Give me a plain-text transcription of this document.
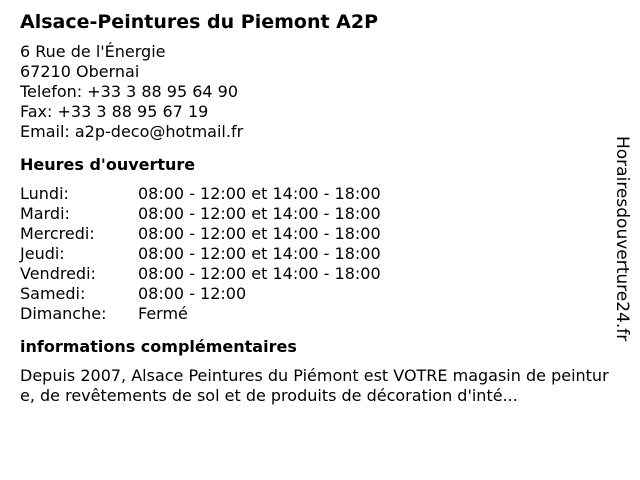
Alsace-Peintures du Piemont A2P
6 Rue de l'Énergie
67210 Obernai
Telefon: +33 3 88 95 64 90
Fax: +33 3 88 95 67 19
Email: a2p-deco@hotmail.fr
Heures d'ouverture
Lundi:	08:00 - 12:00 et 14:00 - 18:00
Mardi:	08:00 - 12:00 et 14:00 - 18:00
Mercredi:	08:00 - 12:00 et 14:00 - 18:00
Jeudi:	08:00 - 12:00 et 14:00 - 18:00
Vendredi:	08:00 - 12:00 et 14:00 - 18:00
Samedi:	08:00 - 12:00
Dimanche:	Fermé
informations complémentaires
Depuis 2007, Alsace Peintures du Piémont est VOTRE magasin de peinture, de revêtements de sol et de produits de décoration d'inté...
Horairesdouverture24.fr
